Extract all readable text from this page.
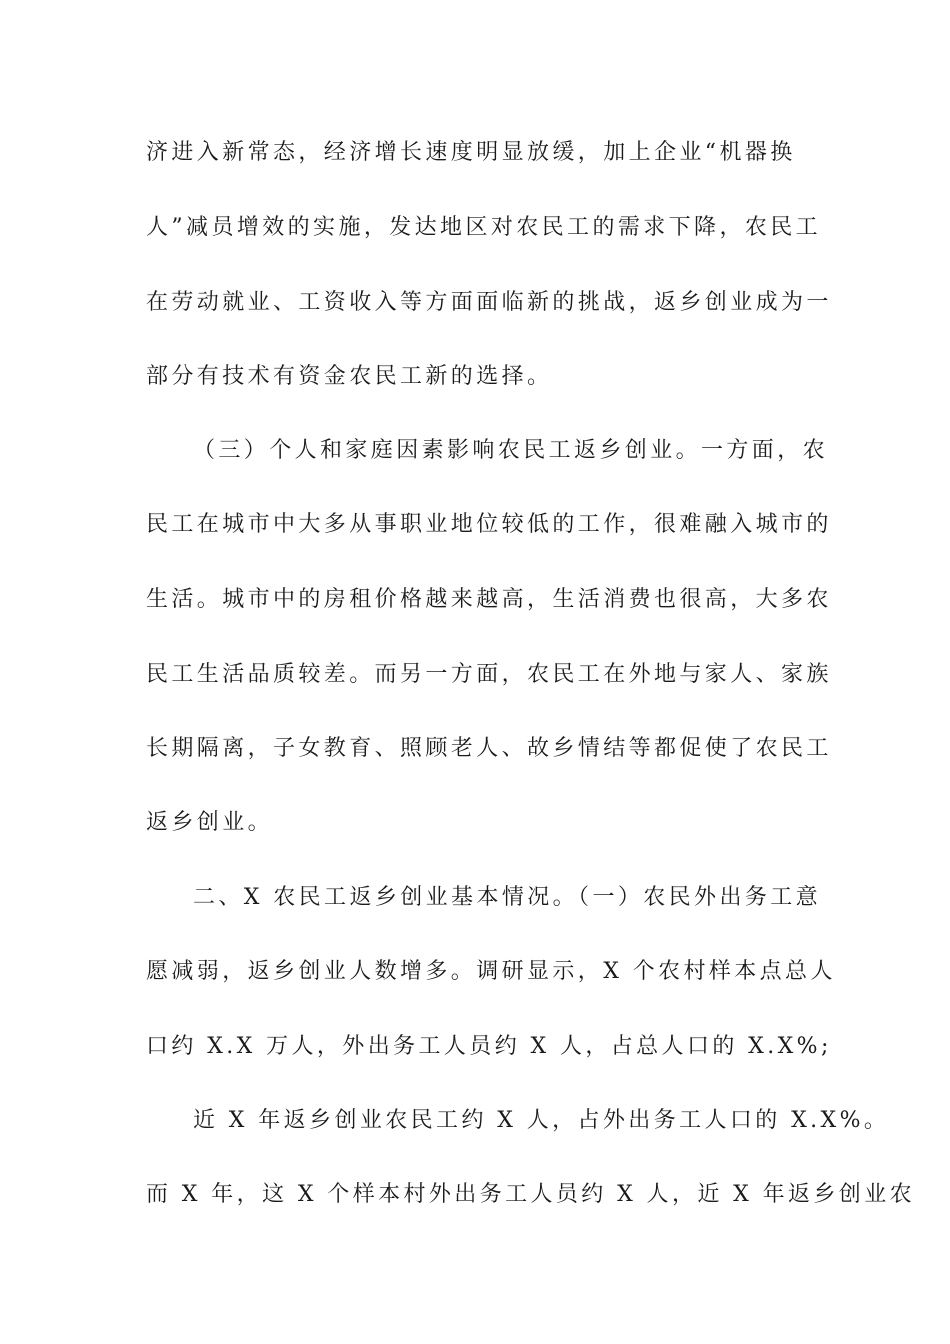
济进入新常态，经济增长速度明显放缓，加上企业“机器换
人”减员增效的实施，发达地区对农民工的需求下降，农民工
在劳动就业、工资收入等方面面临新的挑战，返乡创业成为一
部分有技术有资金农民工新的选择。
（三）个人和家庭因素影响农民工返乡创业。一方面，农
民工在城市中大多从事职业地位较低的工作，很难融入城市的
生活。城市中的房租价格越来越高，生活消费也很高，大多农
民工生活品质较差。而另一方面，农民工在外地与家人、家族
长期隔离，子女教育、照顾老人、故乡情结等都促使了农民工
返乡创业。
二、X 农民工返乡创业基本情况。（一）农民外出务工意
愿减弱，返乡创业人数增多。调研显示，X 个农村样本点总人
口约 X.X 万人，外出务工人员约 X 人，占总人口的 X.X%;
近 X 年返乡创业农民工约 X 人，占外出务工人口的 X.X%。
而 X 年，这 X 个样本村外出务工人员约 X 人，近 X 年返乡创业农
